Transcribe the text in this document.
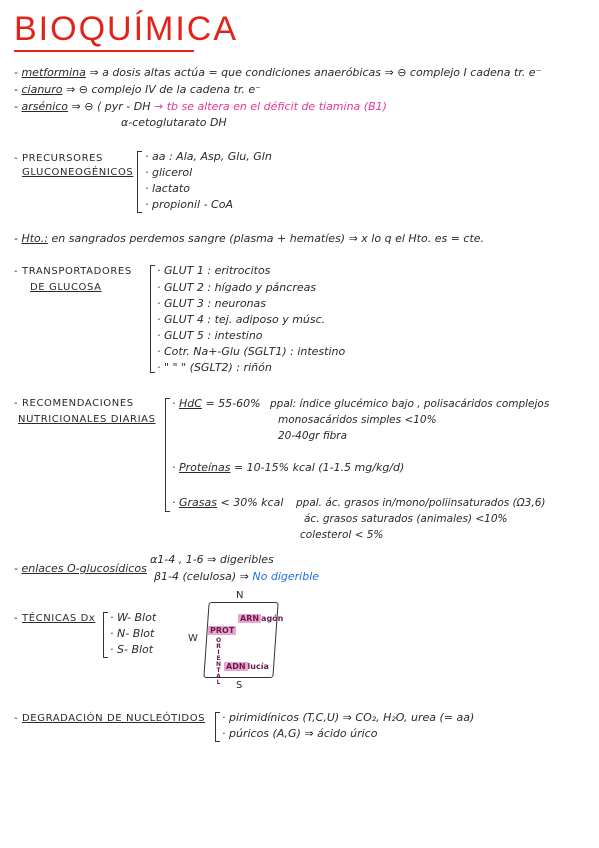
BIOQUÍMICA
- metformina ⇒ a dosis altas actúa = que condiciones anaeróbicas ⇒ ⊖ complejo I cadena tr. e⁻
- cianuro ⇒ ⊖ complejo IV de la cadena tr. e⁻
- arsénico ⇒ ⊖ ⟨ pyr - DH → tb se altera en el déficit de tiamina (B1)
α-cetoglutarato DH
- PRECURSORES
GLUCONEOGÉNICOS
· aa : Ala, Asp, Glu, Gln
· glicerol
· lactato
· propionil - CoA
- Hto.: en sangrados perdemos sangre (plasma + hematíes) ⇒ x lo q el Hto. es = cte.
- TRANSPORTADORES
DE GLUCOSA
· GLUT 1 : eritrocitos
· GLUT 2 : hígado y páncreas
· GLUT 3 : neuronas
· GLUT 4 : tej. adiposo y músc.
· GLUT 5 : intestino
· Cotr. Na+-Glu (SGLT1) : intestino
· " " " (SGLT2) : riñón
- RECOMENDACIONES
NUTRICIONALES DIARIAS
· HdC = 55-60% ppal: índice glucémico bajo , polisacáridos complejos
monosacáridos simples <10%
20-40gr fibra
· Proteínas = 10-15% kcal (1-1.5 mg/kg/d)
· Grasas < 30% kcal ppal. ác. grasos in/mono/poliinsaturados (Ω3,6)
ác. grasos saturados (animales) <10%
colesterol < 5%
- enlaces O-glucosídicos
α1-4 , 1-6 ⇒ digeribles
β1-4 (celulosa) ⇒ No digerible
- TÉCNICAS Dx · W- Blot
· N- Blot
· S- Blot
N
W
S
ARN agón
PROT
ORIENTAL ADN lucía
- DEGRADACIÓN DE NUCLEÓTIDOS · pirimidínicos (T,C,U) ⇒ CO₂, H₂O, urea (= aa)
· púricos (A,G) ⇒ ácido úrico
